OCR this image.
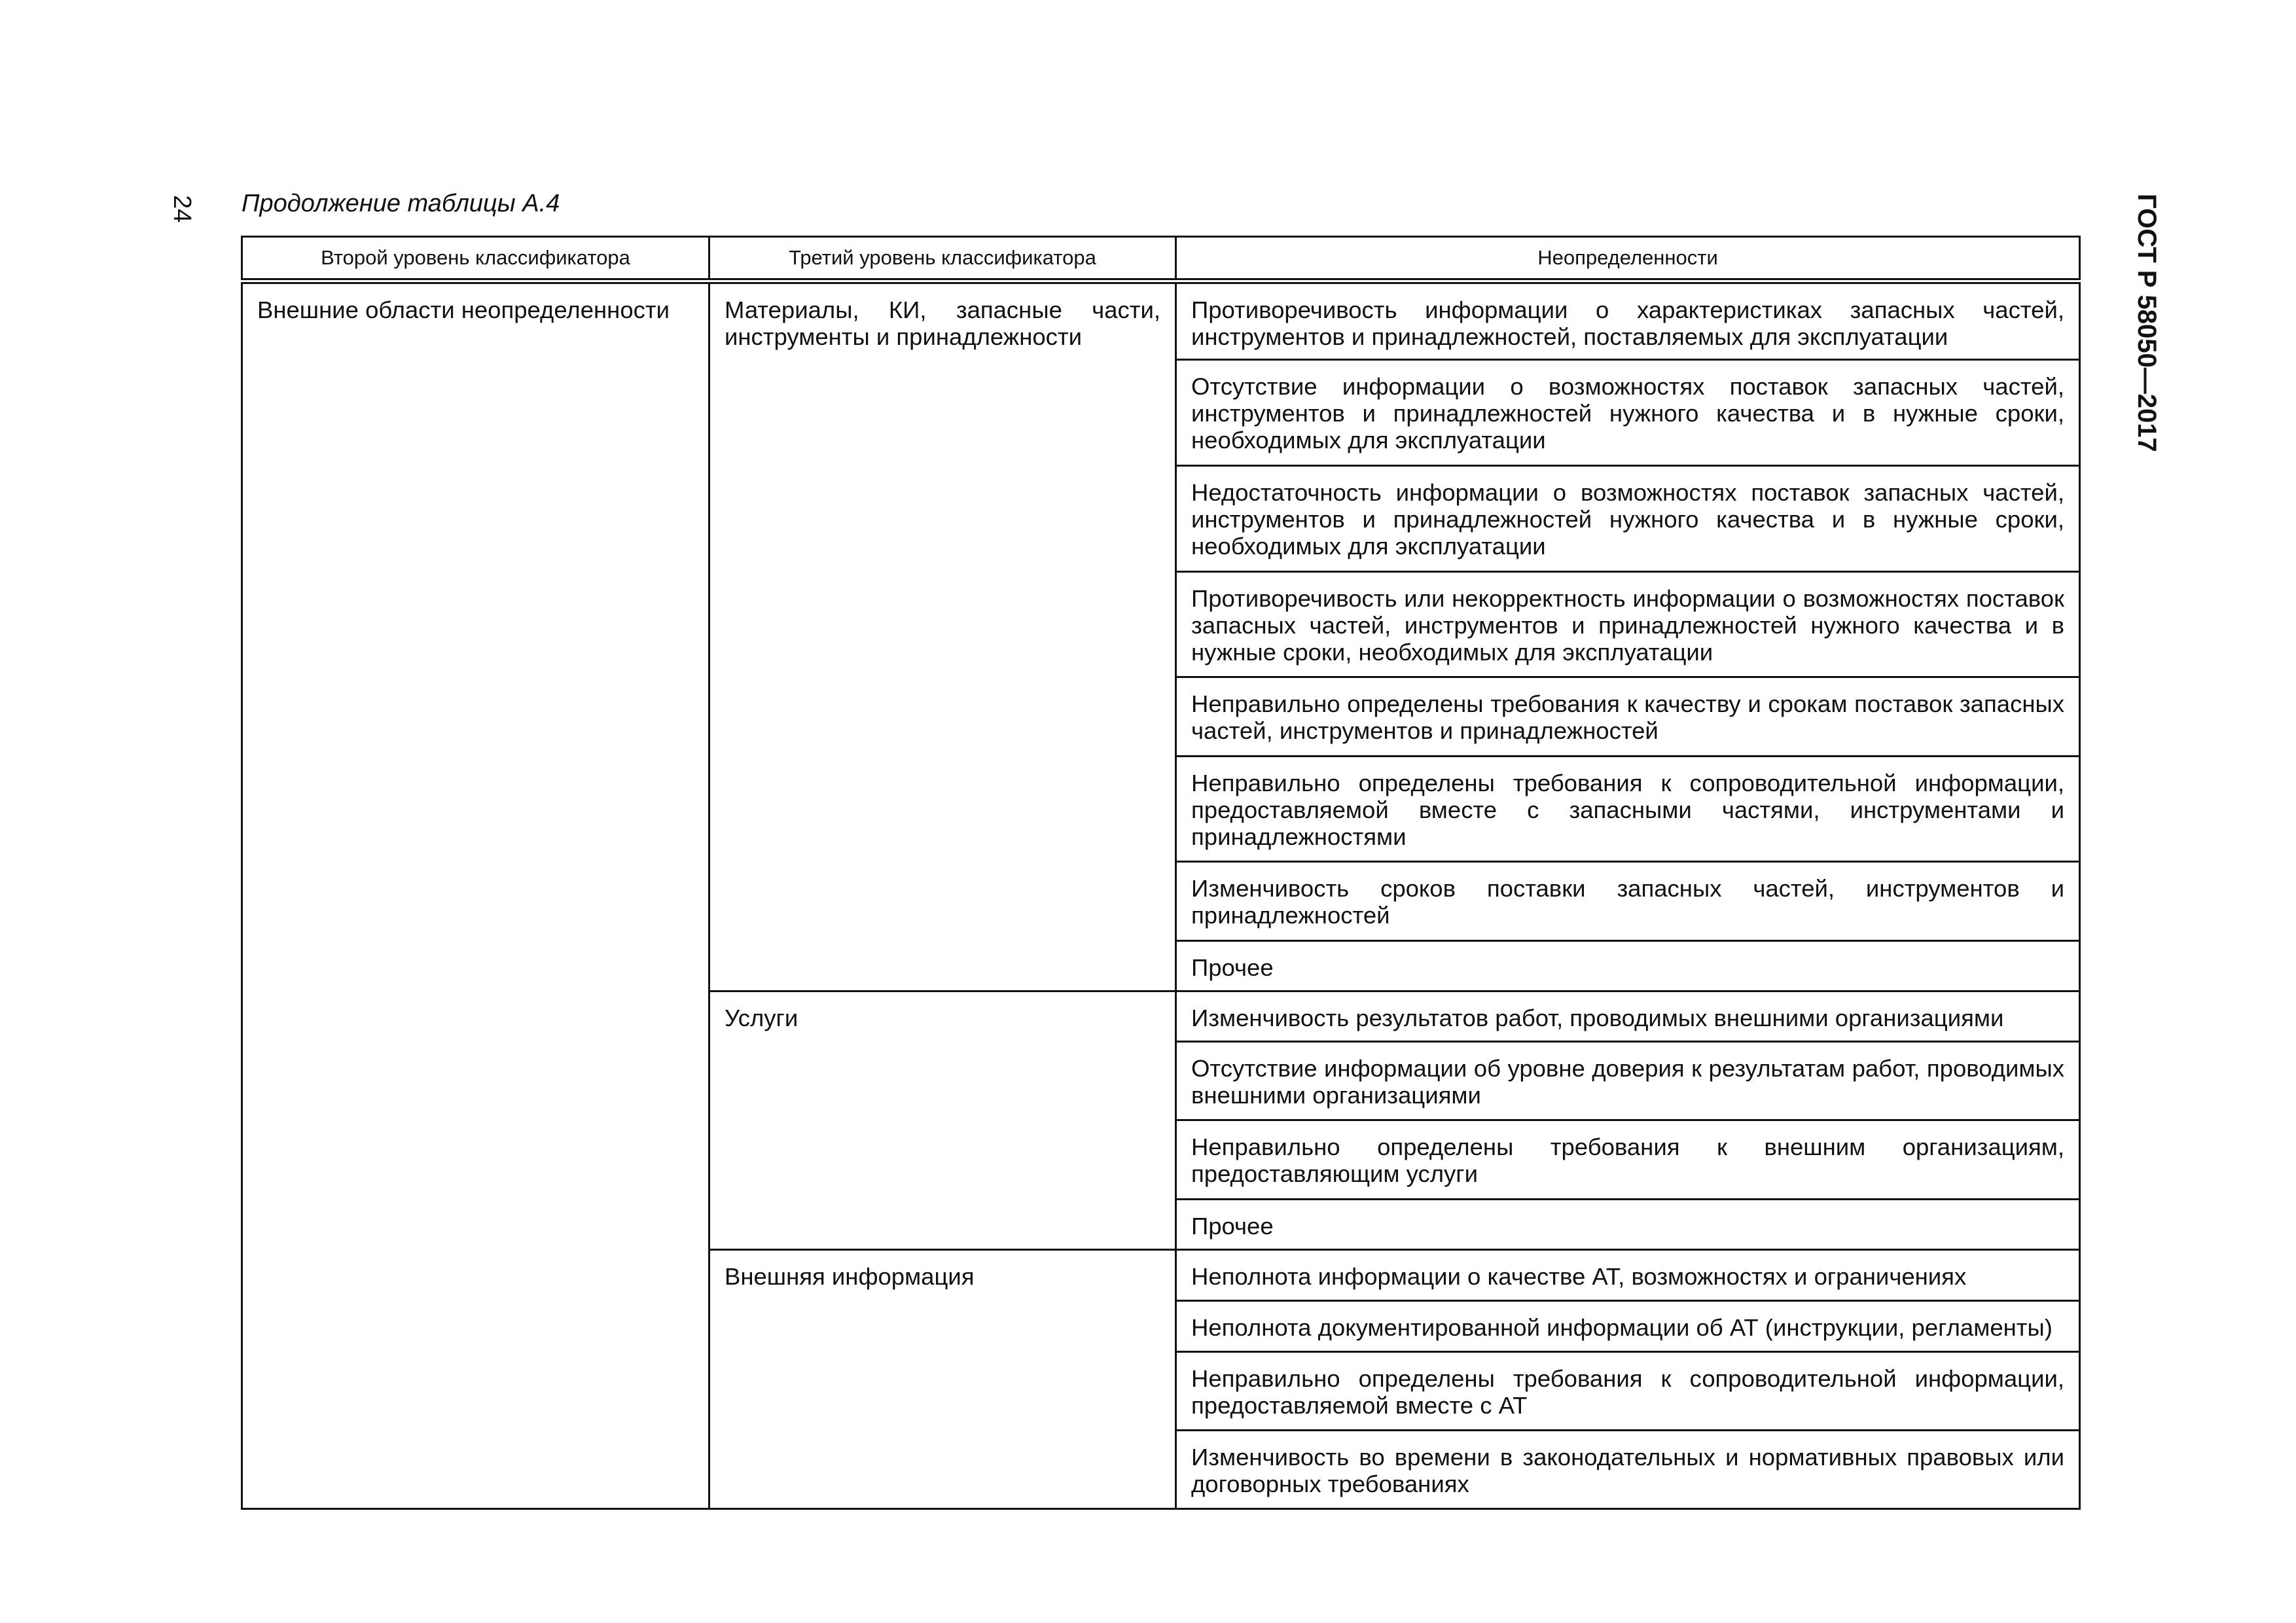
24 Продолжение таблицы А.4	ГОСТ Р 58050—2017
Второй уровень классификатора	Третий уровень классификатора	Неопределенности
Внешние области неопределенности	Материалы, КИ, запасные части, инструменты и принадлежности	Противоречивость информации о характеристиках запасных частей, инструментов и принадлежностей, поставляемых для эксплуатации
		Отсутствие информации о возможностях поставок запасных частей, инструментов и принадлежностей нужного качества и в нужные сроки, необходимых для эксплуатации
		Недостаточность информации о возможностях поставок запасных частей, инструментов и принадлежностей нужного качества и в нужные сроки, необходимых для эксплуатации
		Противоречивость или некорректность информации о возможностях поставок запасных частей, инструментов и принадлежностей нужного качества и в нужные сроки, необходимых для эксплуатации
		Неправильно определены требования к качеству и срокам поставок запасных частей, инструментов и принадлежностей
		Неправильно определены требования к сопроводительной информации, предоставляемой вместе с запасными частями, инструментами и принадлежностями
		Изменчивость сроков поставки запасных частей, инструментов и принадлежностей
		Прочее
	Услуги	Изменчивость результатов работ, проводимых внешними организациями
		Отсутствие информации об уровне доверия к результатам работ, проводимых внешними организациями
		Неправильно определены требования к внешним организациям, предоставляющим услуги
		Прочее
	Внешняя информация	Неполнота информации о качестве АТ, возможностях и ограничениях
		Неполнота документированной информации об АТ (инструкции, регламенты)
		Неправильно определены требования к сопроводительной информации, предоставляемой вместе с АТ
		Изменчивость во времени в законодательных и нормативных правовых или договорных требованиях
